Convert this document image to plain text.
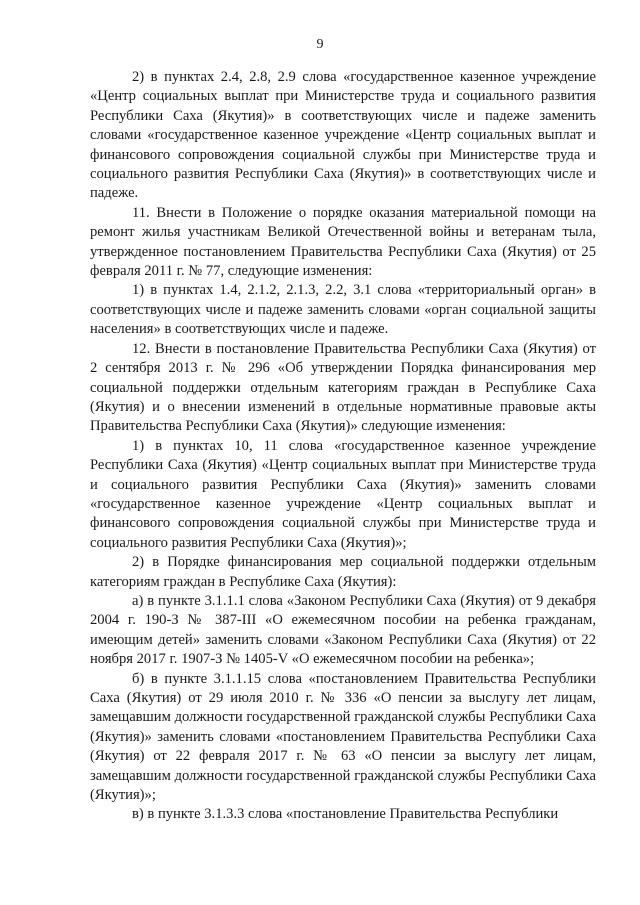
9

2) в пунктах 2.4, 2.8, 2.9 слова «государственное казенное учреждение «Центр социальных выплат при Министерстве труда и социального развития Республики Саха (Якутия)» в соответствующих числе и падеже заменить словами «государственное казенное учреждение «Центр социальных выплат и финансового сопровождения социальной службы при Министерстве труда и социального развития Республики Саха (Якутия)» в соответствующих числе и падеже.

11. Внести в Положение о порядке оказания материальной помощи на ремонт жилья участникам Великой Отечественной войны и ветеранам тыла, утвержденное постановлением Правительства Республики Саха (Якутия) от 25 февраля 2011 г. № 77, следующие изменения:

1) в пунктах 1.4, 2.1.2, 2.1.3, 2.2, 3.1 слова «территориальный орган» в соответствующих числе и падеже заменить словами «орган социальной защиты населения» в соответствующих числе и падеже.

12. Внести в постановление Правительства Республики Саха (Якутия) от 2 сентября 2013 г. № 296 «Об утверждении Порядка финансирования мер социальной поддержки отдельным категориям граждан в Республике Саха (Якутия) и о внесении изменений в отдельные нормативные правовые акты Правительства Республики Саха (Якутия)» следующие изменения:

1) в пунктах 10, 11 слова «государственное казенное учреждение Республики Саха (Якутия) «Центр социальных выплат при Министерстве труда и социального развития Республики Саха (Якутия)» заменить словами «государственное казенное учреждение «Центр социальных выплат и финансового сопровождения социальной службы при Министерстве труда и социального развития Республики Саха (Якутия)»;

2) в Порядке финансирования мер социальной поддержки отдельным категориям граждан в Республике Саха (Якутия):

а) в пункте 3.1.1.1 слова «Законом Республики Саха (Якутия) от 9 декабря 2004 г. 190-З № 387-III «О ежемесячном пособии на ребенка гражданам, имеющим детей» заменить словами «Законом Республики Саха (Якутия) от 22 ноября 2017 г. 1907-З № 1405-V «О ежемесячном пособии на ребенка»;

б) в пункте 3.1.1.15 слова «постановлением Правительства Республики Саха (Якутия) от 29 июля 2010 г. № 336 «О пенсии за выслугу лет лицам, замещавшим должности государственной гражданской службы Республики Саха (Якутия)» заменить словами «постановлением Правительства Республики Саха (Якутия) от 22 февраля 2017 г. № 63 «О пенсии за выслугу лет лицам, замещавшим должности государственной гражданской службы Республики Саха (Якутия)»;

в) в пункте 3.1.3.3 слова «постановление Правительства Республики
